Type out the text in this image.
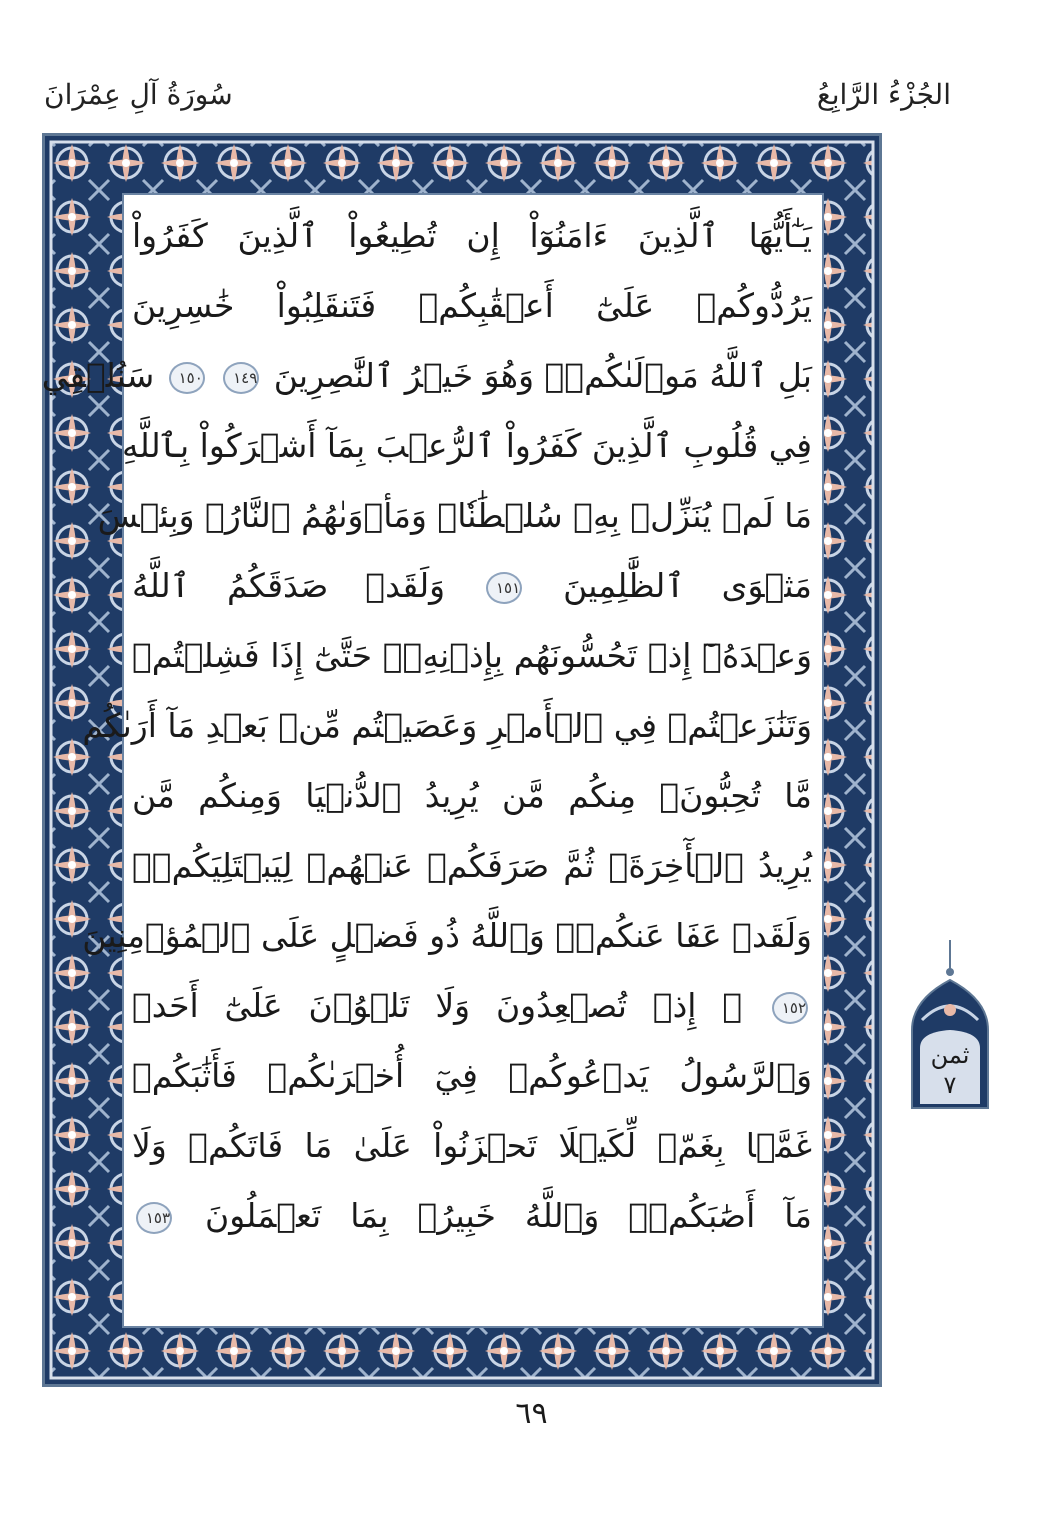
الجُزْءُ الرَّابِعُ
سُورَةُ آلِ عِمْرَانَ
يَـٰٓأَيُّهَا ٱلَّذِينَ ءَامَنُوٓاْ إِن تُطِيعُواْ ٱلَّذِينَ كَفَرُواْ
يَرُدُّوكُمۡ عَلَىٰٓ أَعۡقَٰبِكُمۡ فَتَنقَلِبُواْ خَٰسِرِينَ
بَلِ ٱللَّهُ مَوۡلَىٰكُمۡۖ وَهُوَ خَيۡرُ ٱلنَّٰصِرِينَ ١٤٩ ١٥٠ سَنُلۡقِي
فِي قُلُوبِ ٱلَّذِينَ كَفَرُواْ ٱلرُّعۡبَ بِمَآ أَشۡرَكُواْ بِٱللَّهِ
مَا لَمۡ يُنَزِّلۡ بِهِۦ سُلۡطَٰنٗاۖ وَمَأۡوَىٰهُمُ ٱلنَّارُۖ وَبِئۡسَ
مَثۡوَى ٱلظَّٰلِمِينَ ١٥١ وَلَقَدۡ صَدَقَكُمُ ٱللَّهُ
وَعۡدَهُۥٓ إِذۡ تَحُسُّونَهُم بِإِذۡنِهِۦۖ حَتَّىٰٓ إِذَا فَشِلۡتُمۡ
وَتَنَٰزَعۡتُمۡ فِي ٱلۡأَمۡرِ وَعَصَيۡتُم مِّنۢ بَعۡدِ مَآ أَرَىٰكُم
مَّا تُحِبُّونَۚ مِنكُم مَّن يُرِيدُ ٱلدُّنۡيَا وَمِنكُم مَّن
يُرِيدُ ٱلۡأٓخِرَةَۚ ثُمَّ صَرَفَكُمۡ عَنۡهُمۡ لِيَبۡتَلِيَكُمۡۖ
وَلَقَدۡ عَفَا عَنكُمۡۗ وَٱللَّهُ ذُو فَضۡلٍ عَلَى ٱلۡمُؤۡمِنِينَ
١٥٢ ۞ إِذۡ تُصۡعِدُونَ وَلَا تَلۡوُۥنَ عَلَىٰٓ أَحَدٖ
وَٱلرَّسُولُ يَدۡعُوكُمۡ فِيٓ أُخۡرَىٰكُمۡ فَأَثَٰبَكُمۡ
غَمَّۢا بِغَمّٖ لِّكَيۡلَا تَحۡزَنُواْ عَلَىٰ مَا فَاتَكُمۡ وَلَا
مَآ أَصَٰبَكُمۡۗ وَٱللَّهُ خَبِيرُۢ بِمَا تَعۡمَلُونَ ١٥٣
ثمن
٧
٦٩
